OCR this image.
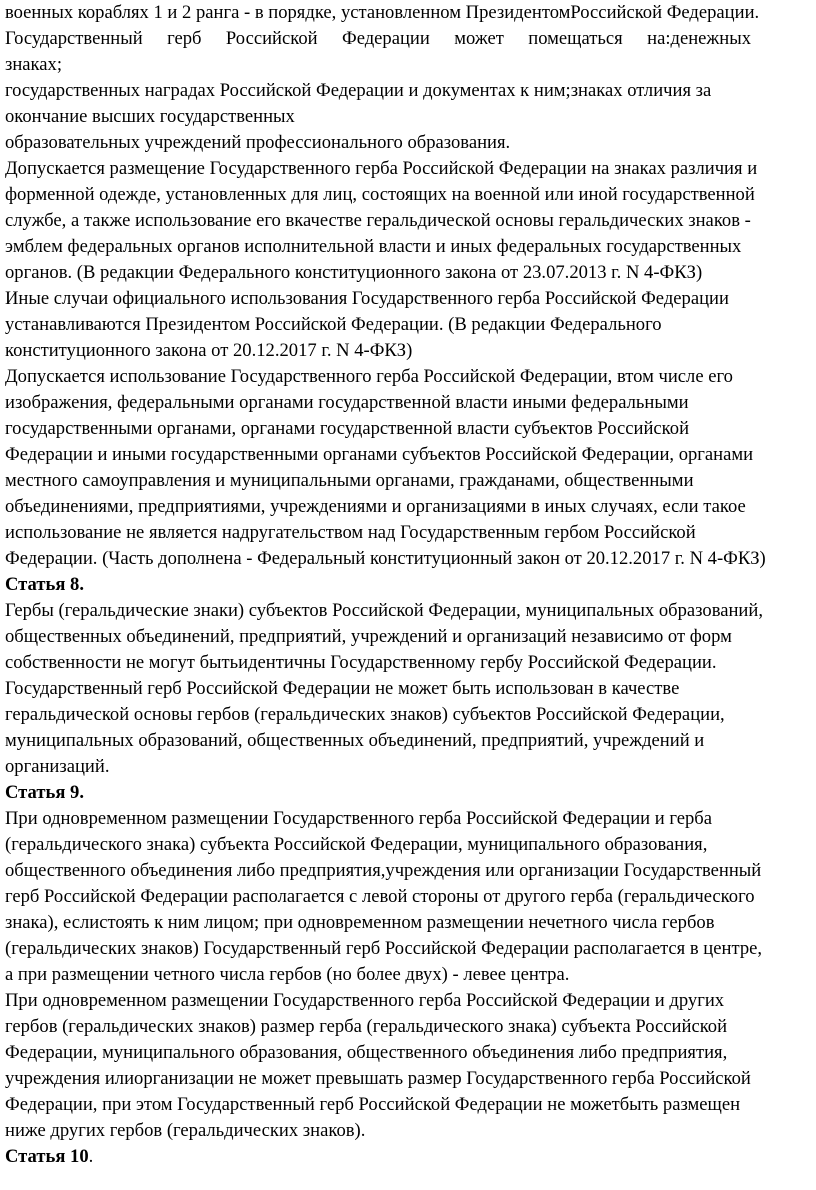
военных кораблях 1 и 2 ранга - в порядке, установленном ПрезидентомРоссийской Федерации.
Государственный герб Российской Федерации может помещаться на:денежных
знаках;
государственных наградах Российской Федерации и документах к ним;знаках отличия за
окончание высших государственных
образовательных учреждений профессионального образования.
Допускается размещение Государственного герба Российской Федерации на знаках различия и
форменной одежде, установленных для лиц, состоящих на военной или иной государственной
службе, а также использование его вкачестве геральдической основы геральдических знаков -
эмблем федеральных органов исполнительной власти и иных федеральных государственных
органов. (В редакции Федерального конституционного закона от 23.07.2013 г. N 4-ФКЗ)
Иные случаи официального использования Государственного герба Российской Федерации
устанавливаются Президентом Российской Федерации. (В редакции Федерального
конституционного закона от 20.12.2017 г. N 4-ФКЗ)
Допускается использование Государственного герба Российской Федерации, втом числе его
изображения, федеральными органами государственной власти иными федеральными
государственными органами, органами государственной власти субъектов Российской
Федерации и иными государственными органами субъектов Российской Федерации, органами
местного самоуправления и муниципальными органами, гражданами, общественными
объединениями, предприятиями, учреждениями и организациями в иных случаях, если такое
использование не является надругательством над Государственным гербом Российской
Федерации. (Часть дополнена - Федеральный конституционный закон от 20.12.2017 г. N 4-ФКЗ)
Статья 8.
Гербы (геральдические знаки) субъектов Российской Федерации, муниципальных образований,
общественных объединений, предприятий, учреждений и организаций независимо от форм
собственности не могут бытьидентичны Государственному гербу Российской Федерации.
Государственный герб Российской Федерации не может быть использован в качестве
геральдической основы гербов (геральдических знаков) субъектов Российской Федерации,
муниципальных образований, общественных объединений, предприятий, учреждений и
организаций.
Статья 9.
При одновременном размещении Государственного герба Российской Федерации и герба
(геральдического знака) субъекта Российской Федерации, муниципального образования,
общественного объединения либо предприятия,учреждения или организации Государственный
герб Российской Федерации располагается с левой стороны от другого герба (геральдического
знака), еслистоять к ним лицом; при одновременном размещении нечетного числа гербов
(геральдических знаков) Государственный герб Российской Федерации располагается в центре,
а при размещении четного числа гербов (но более двух) - левее центра.
При одновременном размещении Государственного герба Российской Федерации и других
гербов (геральдических знаков) размер герба (геральдического знака) субъекта Российской
Федерации, муниципального образования, общественного объединения либо предприятия,
учреждения илиорганизации не может превышать размер Государственного герба Российской
Федерации, при этом Государственный герб Российской Федерации не можетбыть размещен
ниже других гербов (геральдических знаков).
Статья 10.
